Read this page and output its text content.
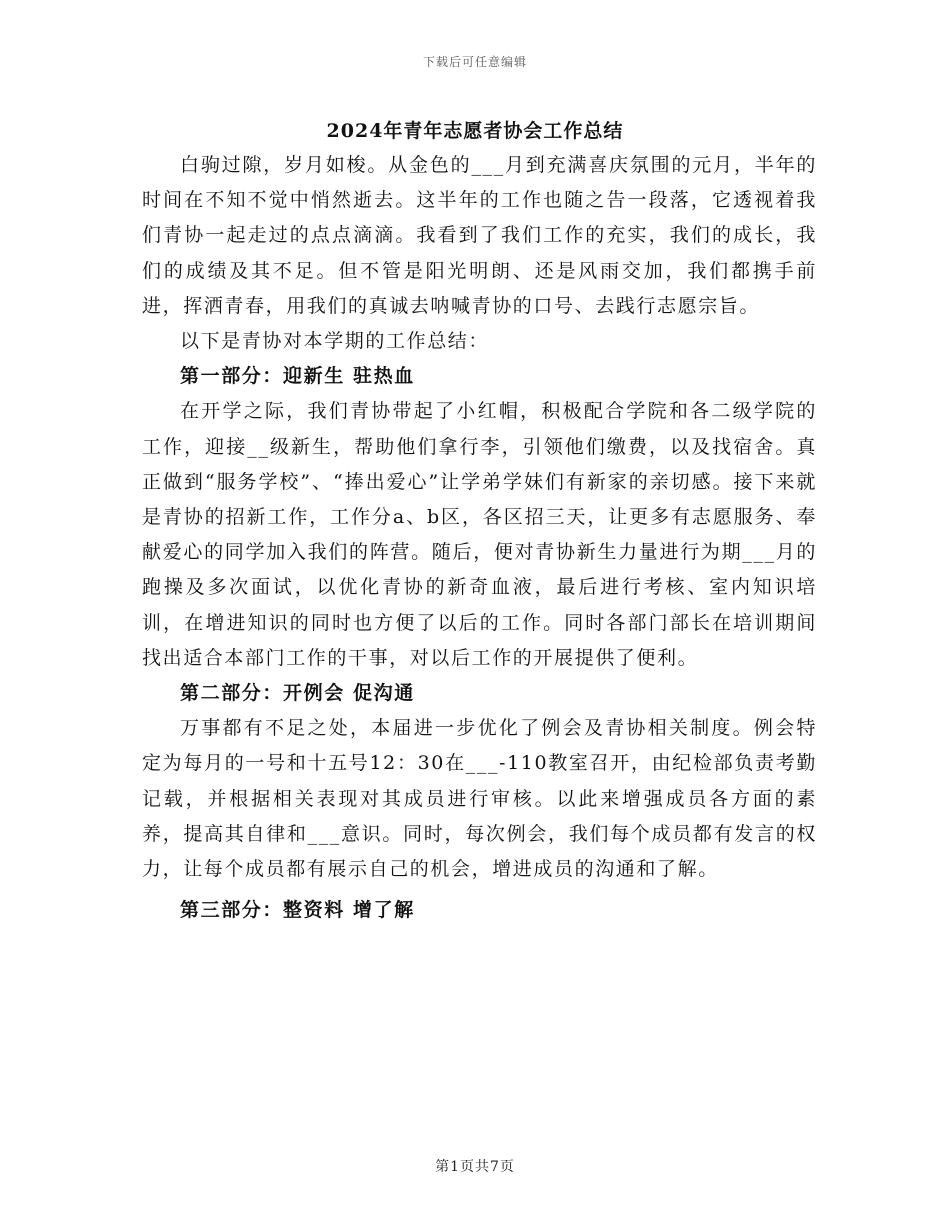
下载后可任意编辑
2024年青年志愿者协会工作总结

白驹过隙，岁月如梭。从金色的___月到充满喜庆氛围的元月，半年的时间在不知不觉中悄然逝去。这半年的工作也随之告一段落，它透视着我们青协一起走过的点点滴滴。我看到了我们工作的充实，我们的成长，我们的成绩及其不足。但不管是阳光明朗、还是风雨交加，我们都携手前进，挥洒青春，用我们的真诚去呐喊青协的口号、去践行志愿宗旨。

以下是青协对本学期的工作总结：

第一部分：迎新生 驻热血

在开学之际，我们青协带起了小红帽，积极配合学院和各二级学院的工作，迎接__级新生，帮助他们拿行李，引领他们缴费，以及找宿舍。真正做到“服务学校”、“捧出爱心”让学弟学妹们有新家的亲切感。接下来就是青协的招新工作，工作分a、b区，各区招三天，让更多有志愿服务、奉献爱心的同学加入我们的阵营。随后，便对青协新生力量进行为期___月的跑操及多次面试，以优化青协的新奇血液，最后进行考核、室内知识培训，在增进知识的同时也方便了以后的工作。同时各部门部长在培训期间找出适合本部门工作的干事，对以后工作的开展提供了便利。

第二部分：开例会 促沟通

万事都有不足之处，本届进一步优化了例会及青协相关制度。例会特定为每月的一号和十五号12：30在___-110教室召开，由纪检部负责考勤记载，并根据相关表现对其成员进行审核。以此来增强成员各方面的素养，提高其自律和___意识。同时，每次例会，我们每个成员都有发言的权力，让每个成员都有展示自己的机会，增进成员的沟通和了解。

第三部分：整资料 增了解
第1页共7页
